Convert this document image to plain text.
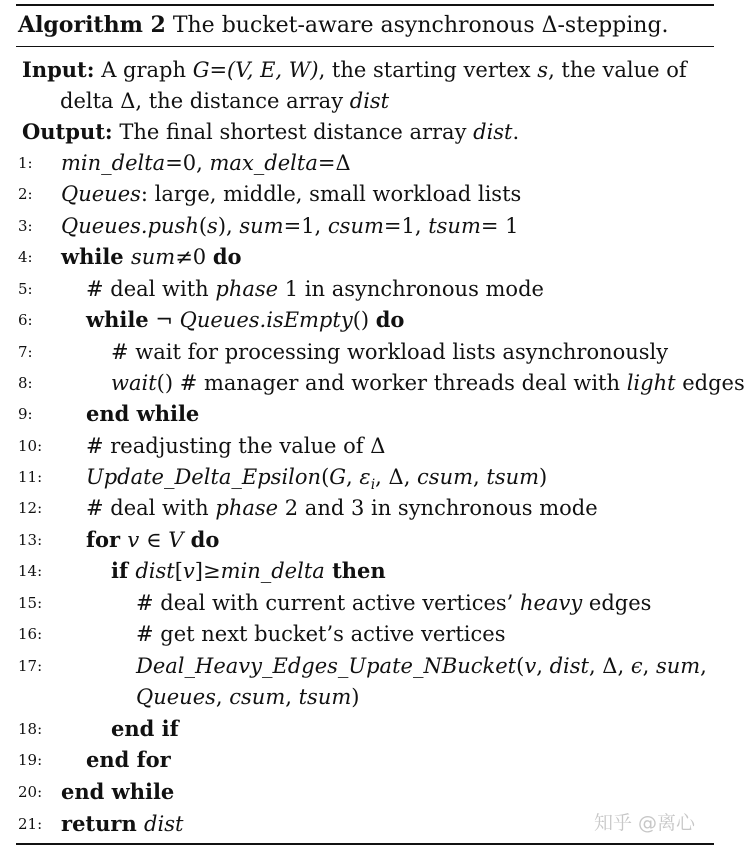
Algorithm 2 The bucket-aware asynchronous Δ-stepping.
Input: A graph G=(V, E, W), the starting vertex s, the value of
delta Δ, the distance array dist
Output: The final shortest distance array dist.
1:	min_delta=0, max_delta=Δ
2:	Queues: large, middle, small workload lists
3:	Queues.push(s), sum=1, csum=1, tsum= 1
4:	while sum≠0 do
5:	# deal with phase 1 in asynchronous mode
6:	while ¬ Queues.isEmpty() do
7:	# wait for processing workload lists asynchronously
8:	wait() # manager and worker threads deal with light edges
9:	end while
10:	# readjusting the value of Δ
11:	Update_Delta_Epsilon(G, $\varepsilon_i$, Δ, csum, tsum)
12:	# deal with phase 2 and 3 in synchronous mode
13:	for v ∈ V do
14:	if dist[v]≥min_delta then
15:	# deal with current active vertices’ heavy edges
16:	# get next bucket’s active vertices
17:	Deal_Heavy_Edges_Upate_NBucket(v, dist, Δ, ϵ, sum,
Queues, csum, tsum)
18:	end if
19:	end for
20: end while
21: return dist	知乎 @离心
